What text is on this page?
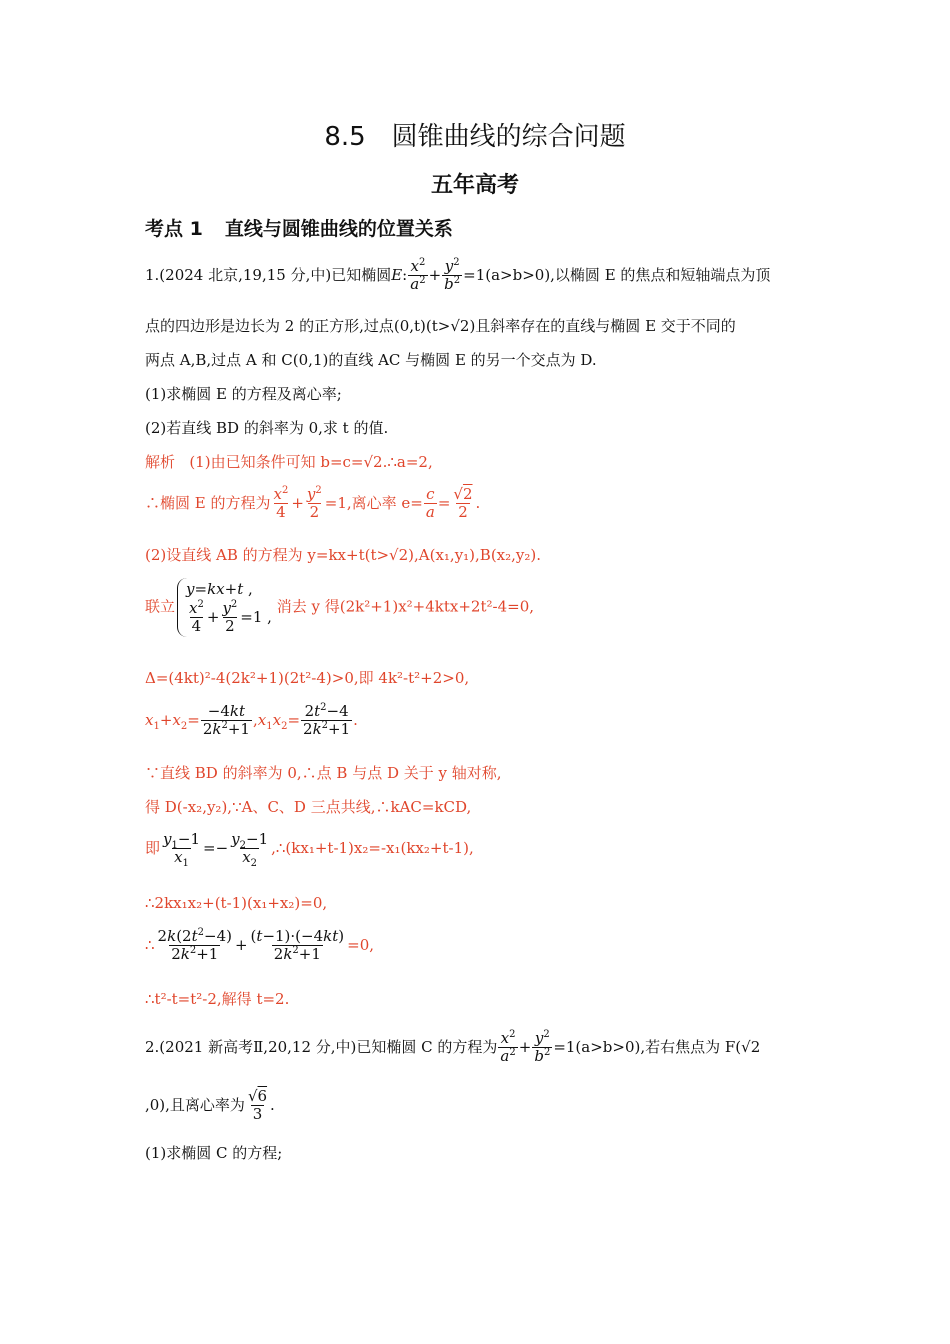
8.5 圆锥曲线的综合问题
五年高考
考点 1 直线与圆锥曲线的位置关系
1.(2024 北京,19,15 分,中)已知椭圆E: $\frac{x^2}{a^2} + \frac{y^2}{b^2} =1(a>b>0)$,以椭圆 E 的焦点和短轴端点为顶
点的四边形是边长为 2 的正方形,过点(0,t)(t>√2)且斜率存在的直线与椭圆 E 交于不同的
两点 A,B,过点 A 和 C(0,1)的直线 AC 与椭圆 E 的另一个交点为 D.
(1)求椭圆 E 的方程及离心率;
(2)若直线 BD 的斜率为 0,求 t 的值.
解析 (1)由已知条件可知 b=c=√2.∴a=2,
∴椭圆 E 的方程为 $\frac{x^2}{4} + \frac{y^2}{2} =1$,离心率 $e= \frac{c}{a} = \frac{√2}{2}$ .
(2)设直线 AB 的方程为 y=kx+t(t>√2),A(x₁,y₁),B(x₂,y₂).
联立
y=kx+t ,
$\frac{x^2}{4} + \frac{y^2}{2} =1$ ,
消去 y 得(2k²+1)x²+4ktx+2t²-4=0,
Δ=(4kt)²-4(2k²+1)(2t²-4)>0,即 4k²-t²+2>0,
$x_1+x_2= \frac{-4kt}{2k^2+1} ,x_1x_2= \frac{2t^2-4}{2k^2+1}$ .
∵直线 BD 的斜率为 0,∴点 B 与点 D 关于 y 轴对称,
得 D(-x₂,y₂),∵A、C、D 三点共线,∴kAC=kCD,
即 $\frac{y_1-1}{x_1} =- \frac{y_2-1}{x_2}$ ,∴(kx₁+t-1)x₂=-x₁(kx₂+t-1),
∴2kx₁x₂+(t-1)(x₁+x₂)=0,
∴ $\frac{2k(2t^2-4)}{2k^2+1} + \frac{(t-1)\cdot(-4kt)}{2k^2+1} =0$,
∴t²-t=t²-2,解得 t=2.
2.(2021 新高考Ⅱ,20,12 分,中)已知椭圆 C 的方程为 $\frac{x^2}{a^2} + \frac{y^2}{b^2} =1(a>b>0)$,若右焦点为 F(√2
,0),且离心率为 $\frac{√6}{3}$ .
(1)求椭圆 C 的方程;
